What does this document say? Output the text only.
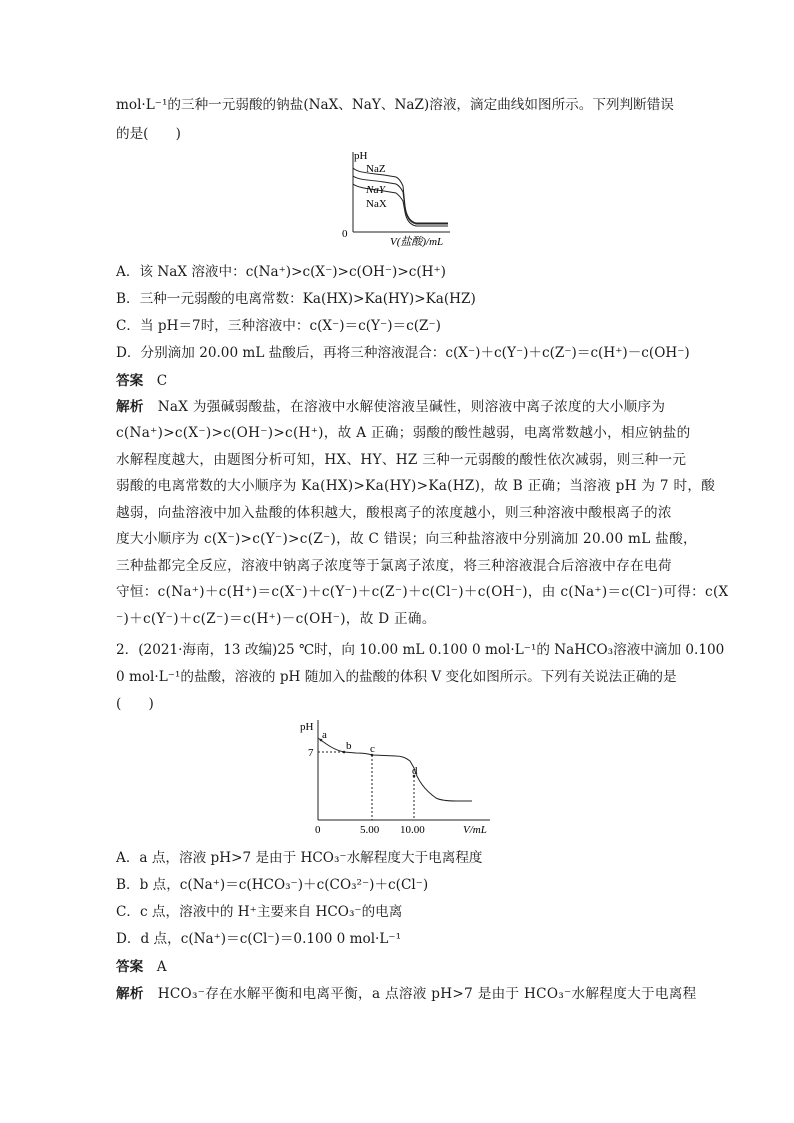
mol·L⁻¹的三种一元弱酸的钠盐(NaX、NaY、NaZ)溶液，滴定曲线如图所示。下列判断错误
的是(　　)
pH
0
V(盐酸)/mL
NaZ
NaY
NaX
A．该 NaX 溶液中：c(Na⁺)>c(X⁻)>c(OH⁻)>c(H⁺)
B．三种一元弱酸的电离常数：Ka(HX)>Ka(HY)>Ka(HZ)
C．当 pH＝7时，三种溶液中：c(X⁻)＝c(Y⁻)＝c(Z⁻)
D．分别滴加 20.00 mL 盐酸后，再将三种溶液混合：c(X⁻)＋c(Y⁻)＋c(Z⁻)＝c(H⁺)－c(OH⁻)
答案　 C
解析　 NaX 为强碱弱酸盐，在溶液中水解使溶液呈碱性，则溶液中离子浓度的大小顺序为
c(Na⁺)>c(X⁻)>c(OH⁻)>c(H⁺)，故 A 正确；弱酸的酸性越弱，电离常数越小，相应钠盐的
水解程度越大，由题图分析可知，HX、HY、HZ 三种一元弱酸的酸性依次减弱，则三种一元
弱酸的电离常数的大小顺序为 Ka(HX)>Ka(HY)>Ka(HZ)，故 B 正确；当溶液 pH 为 7 时，酸
越弱，向盐溶液中加入盐酸的体积越大，酸根离子的浓度越小，则三种溶液中酸根离子的浓
度大小顺序为 c(X⁻)>c(Y⁻)>c(Z⁻)，故 C 错误；向三种盐溶液中分别滴加 20.00 mL 盐酸，
三种盐都完全反应，溶液中钠离子浓度等于氯离子浓度，将三种溶液混合后溶液中存在电荷
守恒：c(Na⁺)＋c(H⁺)＝c(X⁻)＋c(Y⁻)＋c(Z⁻)＋c(Cl⁻)＋c(OH⁻)，由 c(Na⁺)＝c(Cl⁻)可得：c(X
⁻)＋c(Y⁻)＋c(Z⁻)＝c(H⁺)－c(OH⁻)，故 D 正确。
2．(2021·海南，13 改编)25 ℃时，向 10.00 mL 0.100 0 mol·L⁻¹的 NaHCO₃溶液中滴加 0.100
0 mol·L⁻¹的盐酸，溶液的 pH 随加入的盐酸的体积 V 变化如图所示。下列有关说法正确的是
(　　)
pH
7
a
b c
d
0	5.00 10.00	V/mL
A．a 点，溶液 pH>7 是由于 HCO₃⁻水解程度大于电离程度
B．b 点，c(Na⁺)＝c(HCO₃⁻)＋c(CO₃²⁻)＋c(Cl⁻)
C．c 点，溶液中的 H⁺主要来自 HCO₃⁻的电离
D．d 点，c(Na⁺)＝c(Cl⁻)＝0.100 0 mol·L⁻¹
答案　 A
解析　 HCO₃⁻存在水解平衡和电离平衡，a 点溶液 pH>7 是由于 HCO₃⁻水解程度大于电离程
